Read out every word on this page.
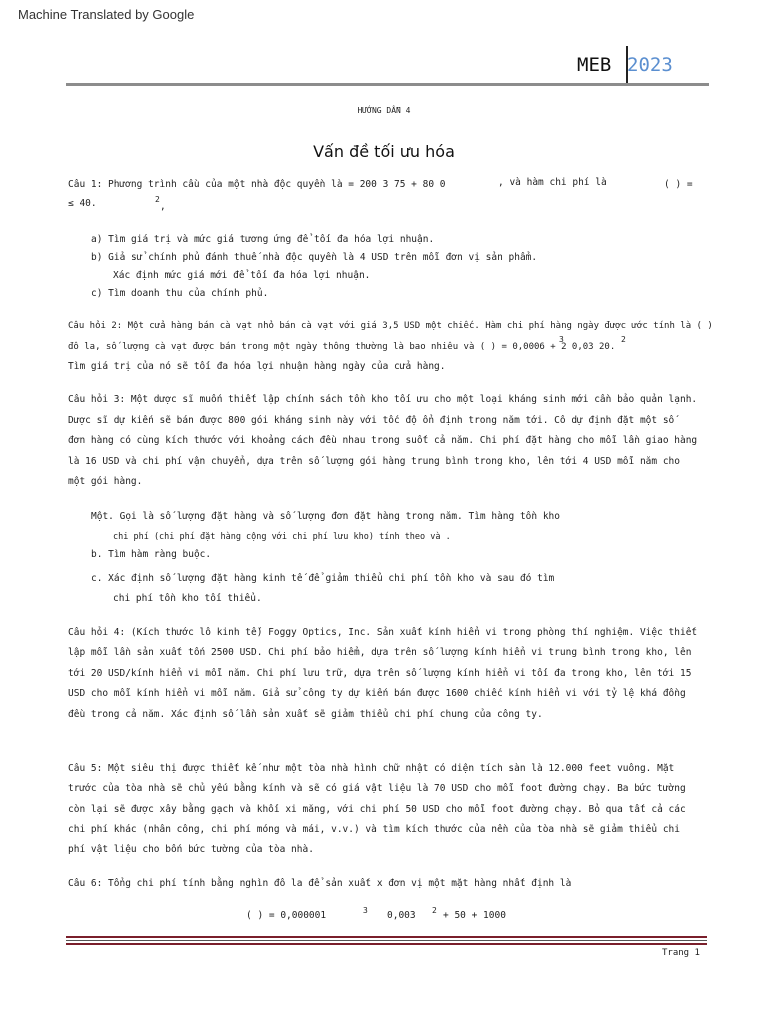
Machine Translated by Google
MEB 2023
HƯỚNG DẪN 4
Vấn đề tối ưu hóa
Câu 1: Phương trình cầu của một nhà độc quyền là = 200 3 75 + 80 0	, và hàm chi phí là	( ) =
≤ 40.	2
,
a) Tìm giá trị và mức giá tương ứng để tối đa hóa lợi nhuận.
b) Giả sử chính phủ đánh thuế nhà độc quyền là 4 USD trên mỗi đơn vị sản phẩm.
Xác định mức giá mới để tối đa hóa lợi nhuận.
c) Tìm doanh thu của chính phủ.
Câu hỏi 2: Một cửa hàng bán cà vạt nhỏ bán cà vạt với giá 3,5 USD một chiếc. Hàm chi phí hàng ngày được ước tính là ( )
đô la, số lượng cà vạt được bán trong một ngày thông thường là bao nhiêu và ( ) = 0,0006 + 2 0,03 20.
3	2
Tìm giá trị của nó sẽ tối đa hóa lợi nhuận hàng ngày của cửa hàng.
Câu hỏi 3: Một dược sĩ muốn thiết lập chính sách tồn kho tối ưu cho một loại kháng sinh mới cần bảo quản lạnh.
Dược sĩ dự kiến sẽ bán được 800 gói kháng sinh này với tốc độ ổn định trong năm tới. Cô dự định đặt một số
đơn hàng có cùng kích thước với khoảng cách đều nhau trong suốt cả năm. Chi phí đặt hàng cho mỗi lần giao hàng
là 16 USD và chi phí vận chuyển, dựa trên số lượng gói hàng trung bình trong kho, lên tới 4 USD mỗi năm cho
một gói hàng.
Một. Gọi là số lượng đặt hàng và số lượng đơn đặt hàng trong năm. Tìm hàng tồn kho
chi phí (chi phí đặt hàng cộng với chi phí lưu kho) tính theo và .
b. Tìm hàm ràng buộc.
c. Xác định số lượng đặt hàng kinh tế để giảm thiểu chi phí tồn kho và sau đó tìm
chi phí tồn kho tối thiểu.
Câu hỏi 4: (Kích thước lô kinh tế) Foggy Optics, Inc. Sản xuất kính hiển vi trong phòng thí nghiệm. Việc thiết
lập mỗi lần sản xuất tốn 2500 USD. Chi phí bảo hiểm, dựa trên số lượng kính hiển vi trung bình trong kho, lên
tới 20 USD/kính hiển vi mỗi năm. Chi phí lưu trữ, dựa trên số lượng kính hiển vi tối đa trong kho, lên tới 15
USD cho mỗi kính hiển vi mỗi năm. Giả sử công ty dự kiến bán được 1600 chiếc kính hiển vi với tỷ lệ khá đồng
đều trong cả năm. Xác định số lần sản xuất sẽ giảm thiểu chi phí chung của công ty.
Câu 5: Một siêu thị được thiết kế như một tòa nhà hình chữ nhật có diện tích sàn là 12.000 feet vuông. Mặt
trước của tòa nhà sẽ chủ yếu bằng kính và sẽ có giá vật liệu là 70 USD cho mỗi foot đường chạy. Ba bức tường
còn lại sẽ được xây bằng gạch và khối xi măng, với chi phí 50 USD cho mỗi foot đường chạy. Bỏ qua tất cả các
chi phí khác (nhân công, chi phí móng và mái, v.v.) và tìm kích thước của nền của tòa nhà sẽ giảm thiểu chi
phí vật liệu cho bốn bức tường của tòa nhà.
Câu 6: Tổng chi phí tính bằng nghìn đô la để sản xuất x đơn vị một mặt hàng nhất định là
( ) = 0,000001	3 0,003 2 + 50 + 1000
Trang 1
